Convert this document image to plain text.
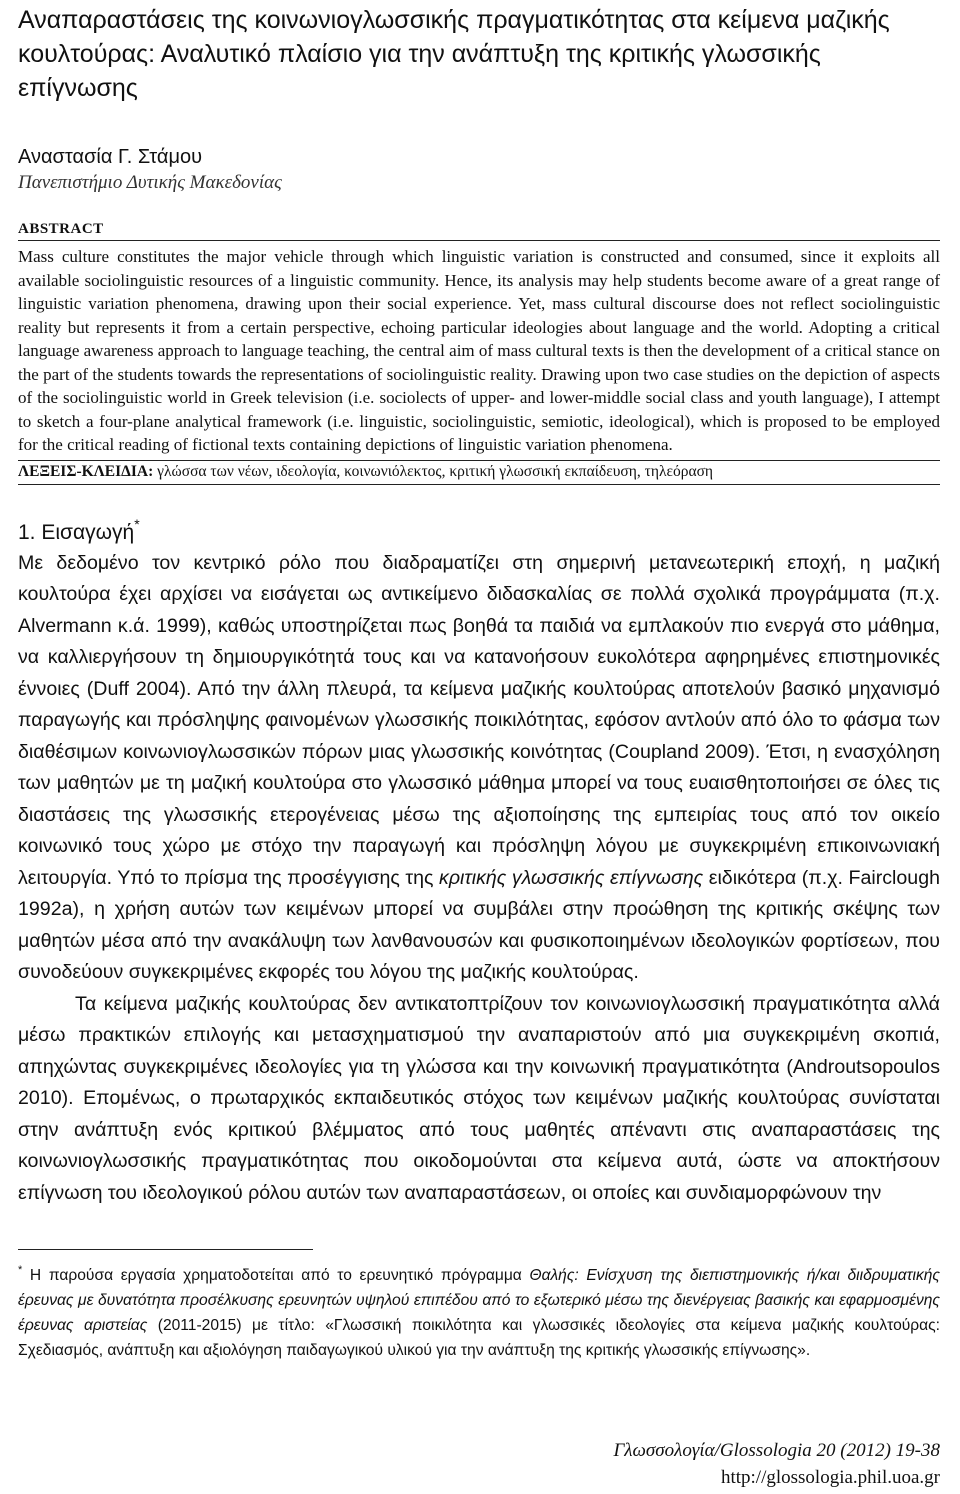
Αναπαραστάσεις της κοινωνιογλωσσικής πραγματικότητας στα κείμενα μαζικής κουλτούρας: Αναλυτικό πλαίσιο για την ανάπτυξη της κριτικής γλωσσικής επίγνωσης
Αναστασία Γ. Στάμου
Πανεπιστήμιο Δυτικής Μακεδονίας
ABSTRACT
Mass culture constitutes the major vehicle through which linguistic variation is constructed and consumed, since it exploits all available sociolinguistic resources of a linguistic community. Hence, its analysis may help students become aware of a great range of linguistic variation phenomena, drawing upon their social experience. Yet, mass cultural discourse does not reflect sociolinguistic reality but represents it from a certain perspective, echoing particular ideologies about language and the world. Adopting a critical language awareness approach to language teaching, the central aim of mass cultural texts is then the development of a critical stance on the part of the students towards the representations of sociolinguistic reality. Drawing upon two case studies on the depiction of aspects of the sociolinguistic world in Greek television (i.e. sociolects of upper- and lower-middle social class and youth language), I attempt to sketch a four-plane analytical framework (i.e. linguistic, sociolinguistic, semiotic, ideological), which is proposed to be employed for the critical reading of fictional texts containing depictions of linguistic variation phenomena.
ΛΕΞΕΙΣ-ΚΛΕΙΔΙΑ: γλώσσα των νέων, ιδεολογία, κοινωνιόλεκτος, κριτική γλωσσική εκπαίδευση, τηλεόραση
1. Εισαγωγή*

Με δεδομένο τον κεντρικό ρόλο που διαδραματίζει στη σημερινή μετανεωτερική εποχή, η μαζική κουλτούρα έχει αρχίσει να εισάγεται ως αντικείμενο διδασκαλίας σε πολλά σχολικά προγράμματα (π.χ. Alvermann κ.ά. 1999), καθώς υποστηρίζεται πως βοηθά τα παιδιά να εμπλακούν πιο ενεργά στο μάθημα, να καλλιεργήσουν τη δημιουργικότητά τους και να κατανοήσουν ευκολότερα αφηρημένες επιστημονικές έννοιες (Duff 2004). Από την άλλη πλευρά, τα κείμενα μαζικής κουλτούρας αποτελούν βασικό μηχανισμό παραγωγής και πρόσληψης φαινομένων γλωσσικής ποικιλότητας, εφόσον αντλούν από όλο το φάσμα των διαθέσιμων κοινωνιογλωσσικών πόρων μιας γλωσσικής κοινότητας (Coupland 2009). Έτσι, η ενασχόληση των μαθητών με τη μαζική κουλτούρα στο γλωσσικό μάθημα μπορεί να τους ευαισθητοποιήσει σε όλες τις διαστάσεις της γλωσσικής ετερογένειας μέσω της αξιοποίησης της εμπειρίας τους από τον οικείο κοινωνικό τους χώρο με στόχο την παραγωγή και πρόσληψη λόγου με συγκεκριμένη επικοινωνιακή λειτουργία. Υπό το πρίσμα της προσέγγισης της κριτικής γλωσσικής επίγνωσης ειδικότερα (π.χ. Fairclough 1992a), η χρήση αυτών των κειμένων μπορεί να συμβάλει στην προώθηση της κριτικής σκέψης των μαθητών μέσα από την ανακάλυψη των λανθανουσών και φυσικοποιημένων ιδεολογικών φορτίσεων, που συνοδεύουν συγκεκριμένες εκφορές του λόγου της μαζικής κουλτούρας.

Τα κείμενα μαζικής κουλτούρας δεν αντικατοπτρίζουν τον κοινωνιογλωσσική πραγματικότητα αλλά μέσω πρακτικών επιλογής και μετασχηματισμού την αναπαριστούν από μια συγκεκριμένη σκοπιά, απηχώντας συγκεκριμένες ιδεολογίες για τη γλώσσα και την κοινωνική πραγματικότητα (Androutsopoulos 2010). Επομένως, ο πρωταρχικός εκπαιδευτικός στόχος των κειμένων μαζικής κουλτούρας συνίσταται στην ανάπτυξη ενός κριτικού βλέμματος από τους μαθητές απέναντι στις αναπαραστάσεις της κοινωνιογλωσσικής πραγματικότητας που οικοδομούνται στα κείμενα αυτά, ώστε να αποκτήσουν επίγνωση του ιδεολογικού ρόλου αυτών των αναπαραστάσεων, οι οποίες και συνδιαμορφώνουν την

* Η παρούσα εργασία χρηματοδοτείται από το ερευνητικό πρόγραμμα Θαλής: Ενίσχυση της διεπιστημονικής ή/και διιδρυματικής έρευνας με δυνατότητα προσέλκυσης ερευνητών υψηλού επιπέδου από το εξωτερικό μέσω της διενέργειας βασικής και εφαρμοσμένης έρευνας αριστείας (2011-2015) με τίτλο: «Γλωσσική ποικιλότητα και γλωσσικές ιδεολογίες στα κείμενα μαζικής κουλτούρας: Σχεδιασμός, ανάπτυξη και αξιολόγηση παιδαγωγικού υλικού για την ανάπτυξη της κριτικής γλωσσικής επίγνωσης».
Γλωσσολογία/Glossologia 20 (2012) 19-38
http://glossologia.phil.uoa.gr
